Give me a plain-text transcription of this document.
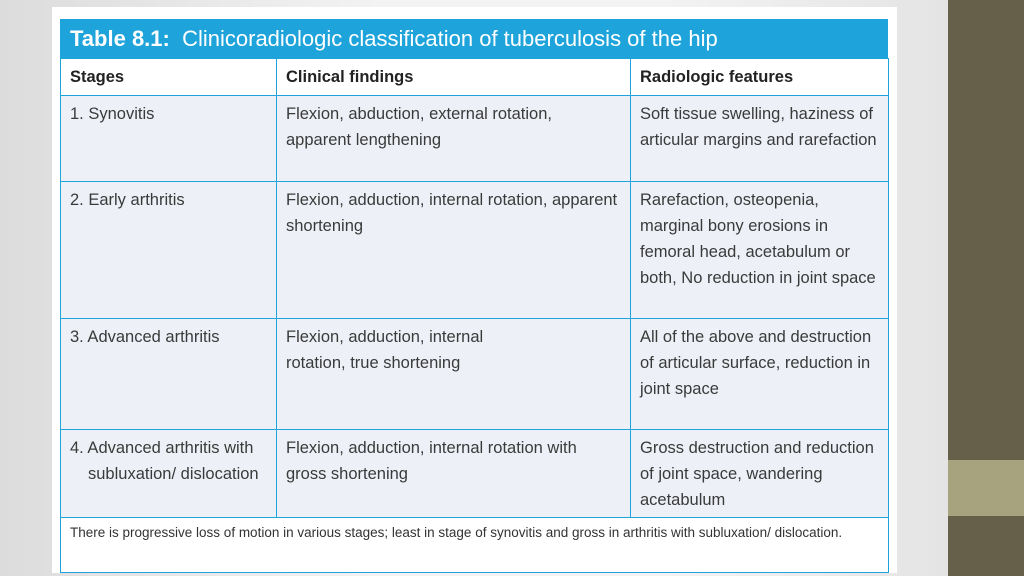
Table 8.1: Clinicoradiologic classification of tuberculosis of the hip
Stages	Clinical findings	Radiologic features
1. Synovitis	Flexion, abduction, external rotation, apparent lengthening	Soft tissue swelling, haziness of articular margins and rarefaction
2. Early arthritis	Flexion, adduction, internal rotation, apparent shortening	Rarefaction, osteopenia, marginal bony erosions in femoral head, acetabulum or both, No reduction in joint space
3. Advanced arthritis	Flexion, adduction, internal rotation, true shortening	All of the above and destruction of articular surface, reduction in joint space

4. Advanced arthritis with subluxation/ dislocation	Flexion, adduction, internal rotation with gross shortening	Gross destruction and reduction of joint space, wandering acetabulum
There is progressive loss of motion in various stages; least in stage of synovitis and gross in arthritis with subluxation/ dislocation.		
